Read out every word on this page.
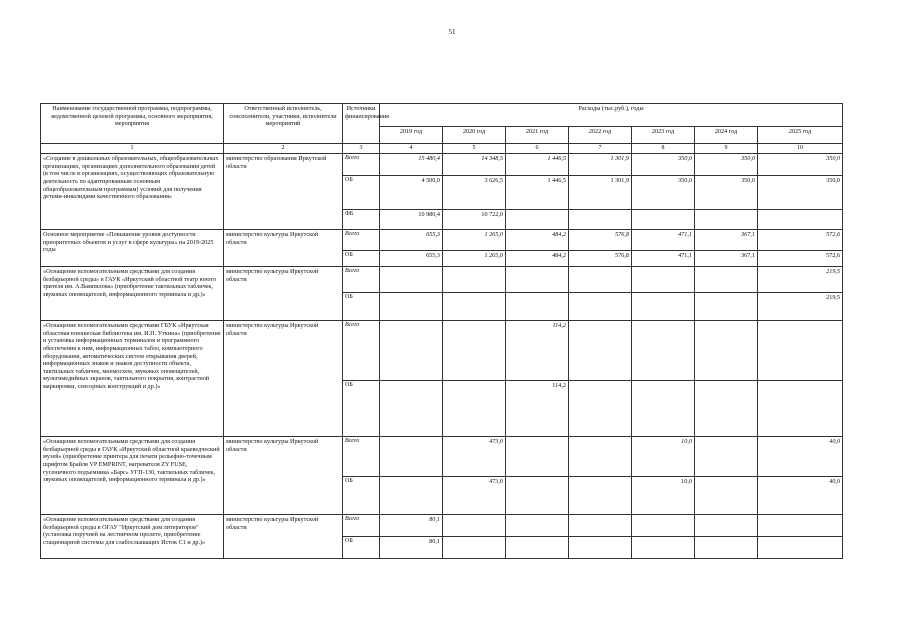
51
Наименование государственной программы, подпрограммы, ведомственной целевой программы, основного мероприятия, мероприятия	Ответственный исполнитель, соисполнители, участники, исполнители мероприятий	Источники финансирования	Расходы (тыс.руб.), годы						
			2019 год	2020 год	2021 год	2022 год	2023 год	2024 год	2025 год
1	2	3	4	5	6	7	8	9	10
«Создание в дошкольных образовательных, общеобразовательных организациях, организациях дополнительного образования детей (в том числе в организациях, осуществляющих образовательную деятельность по адаптированным основным общеобразовательным программам) условий для получения детьми-инвалидами качественного образования»	министерство образования Иркутской области	Всего	15 480,4	14 348,5	1 446,5	1 301,9	350,0	350,0	350,0
		ОБ	4 500,0	3 626,5	1 446,5	1 301,9	350,0	350,0	350,0
		ФБ	10 980,4	10 722,0					
Основное мероприятие «Повышение уровня доступности приоритетных объектов и услуг в сфере культуры» на 2019-2025 годы	министерство культуры Иркутской области	Всего	655,3	1 265,0	484,2	576,8	471,1	367,1	572,6
		ОБ	655,3	1 265,0	484,2	576,8	471,1	367,1	572,6
«Оснащение вспомогательными средствами для создания безбарьерной среды» в ГАУК «Иркутский областной театр юного зрителя им. А.Вампилова» (приобретение тактильных табличек, звуковых оповещателей, информационного терминала и др.)»	министерство культуры Иркутской области	Всего							219,5
		ОБ							219,5
«Оснащение вспомогательными средствами ГБУК «Иркутская областная юношеская библиотека им. И.П. Уткина» (приобретение и установка информационных терминалов и программного обеспечения к ним, информационных табло, компьютерного оборудования, автоматических систем открывания дверей, информационных знаков и знаков доступности объекта, тактильных табличек, мнемосхем, звуковых оповещателей, мультимедийных экранов, тактильного покрытия, контрастной маркировки, сенсорных конструкций и др.)»	министерство культуры Иркутской области	Всего			114,2				
		ОБ			114,2				
«Оснащение вспомогательными средствами для создания безбарьерной среды в ГАУК «Иркутский областной краеведческий музей» (приобретение принтера для печати рельефно-точечным шрифтом Брайля VP EMPRINT, нагревателя ZY FUSE, гусеничного подъемника «Барс» УГП-130, тактильных табличек, звуковых оповещателей, информационного терминала и др.)»	министерство культуры Иркутской области	Всего		473,0			10,0		40,0
		ОБ		473,0			10,0		40,0
«Оснащение вспомогательными средствами для создания безбарьерной среды в ОГАУ "Иркутский дом литераторов" (установка поручней на лестничном пролете, приобретение стационарной системы для слабослышащих Исток С1 и др.)»	министерство культуры Иркутской области	Всего	80,1						
		ОБ	80,1						
